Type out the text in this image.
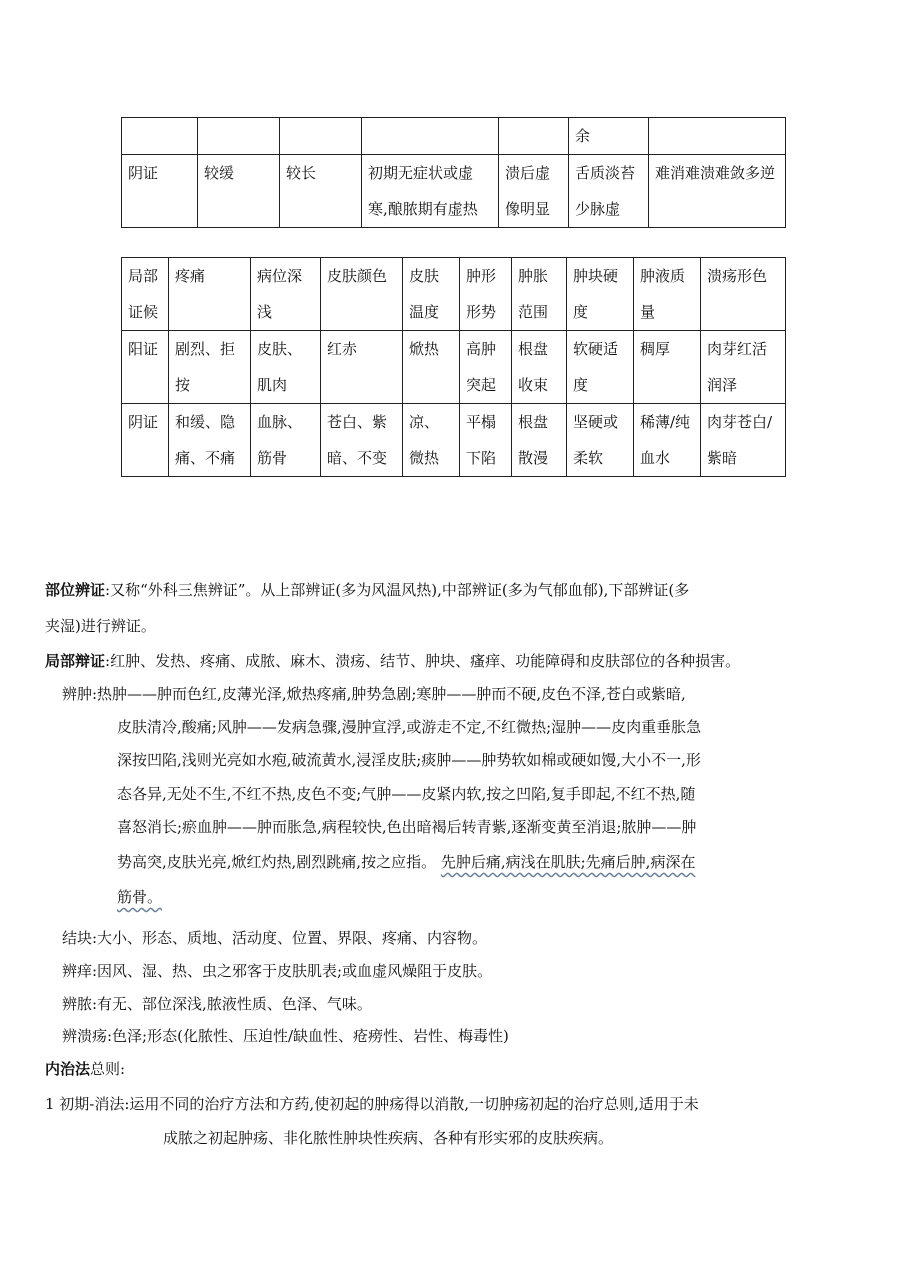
					余	
阴证	较缓	较长	初期无症状或虚寒,酿脓期有虚热	溃后虚像明显	舌质淡苔少脉虚	难消难溃难敛多逆
局部证候	疼痛	病位深浅	皮肤颜色	皮肤温度	肿形形势	肿胀范围	肿块硬度	肿液质量	溃疡形色
阳证	剧烈、拒按	皮肤、肌肉	红赤	焮热	高肿突起	根盘收束	软硬适度	稠厚	肉芽红活润泽
阴证	和缓、隐痛、不痛	血脉、筋骨	苍白、紫暗、不变	凉、微热	平榻下陷	根盘散漫	坚硬或柔软	稀薄/纯血水	肉芽苍白/紫暗
部位辨证:又称“外科三焦辨证”。从上部辨证(多为风温风热),中部辨证(多为气郁血郁),下部辨证(多
夹湿)进行辨证。
局部辩证:红肿、发热、疼痛、成脓、麻木、溃疡、结节、肿块、瘙痒、功能障碍和皮肤部位的各种损害。
辨肿:热肿——肿而色红,皮薄光泽,焮热疼痛,肿势急剧;寒肿——肿而不硬,皮色不泽,苍白或紫暗,
皮肤清冷,酸痛;风肿——发病急骤,漫肿宣浮,或游走不定,不红微热;湿肿——皮肉重垂胀急
深按凹陷,浅则光亮如水疱,破流黄水,浸淫皮肤;痰肿——肿势软如棉或硬如馒,大小不一,形
态各异,无处不生,不红不热,皮色不变;气肿——皮紧内软,按之凹陷,复手即起,不红不热,随
喜怒消长;瘀血肿——肿而胀急,病程较快,色出暗褐后转青紫,逐渐变黄至消退;脓肿——肿
势高突,皮肤光亮,焮红灼热,剧烈跳痛,按之应指。 先肿后痛,病浅在肌肤;先痛后肿,病深在
筋骨。
结块:大小、形态、质地、活动度、位置、界限、疼痛、内容物。
辨痒:因风、湿、热、虫之邪客于皮肤肌表;或血虚风燥阻于皮肤。
辨脓:有无、部位深浅,脓液性质、色泽、气味。
辨溃疡:色泽;形态(化脓性、压迫性/缺血性、疮痨性、岩性、梅毒性)
内治法总则:
1 初期-消法:运用不同的治疗方法和方药,使初起的肿疡得以消散,一切肿疡初起的治疗总则,适用于未
成脓之初起肿疡、非化脓性肿块性疾病、各种有形实邪的皮肤疾病。
